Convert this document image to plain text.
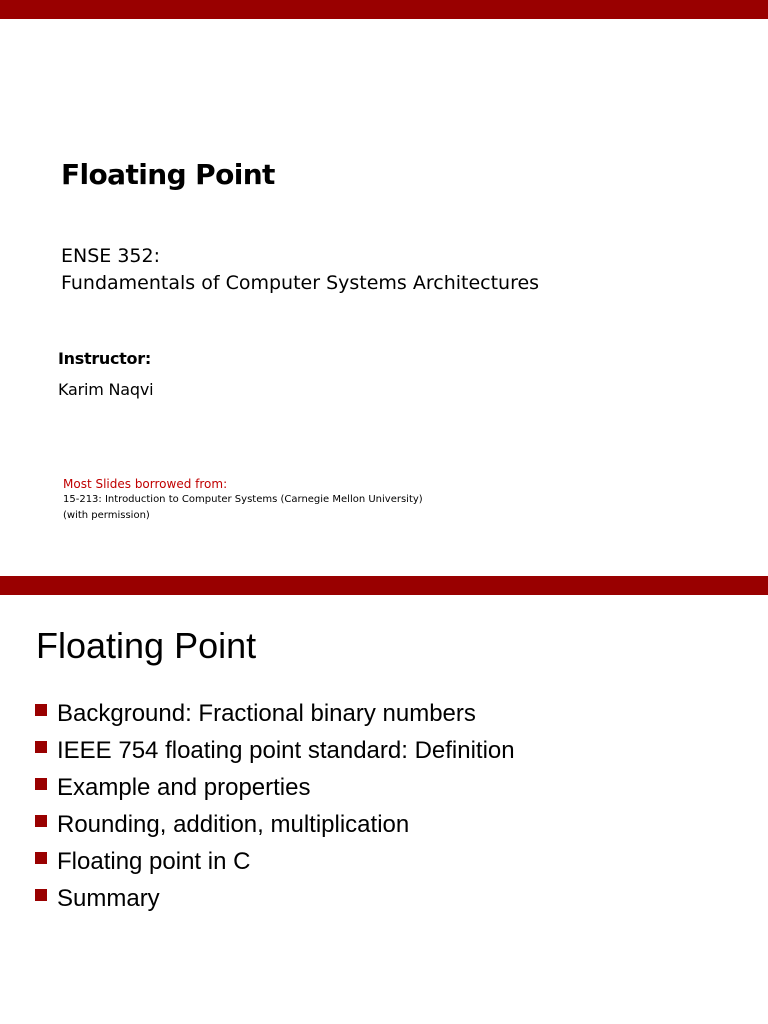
Floating Point
ENSE 352:
Fundamentals of Computer Systems Architectures
Instructor:
Karim Naqvi
Most Slides borrowed from:
15-213: Introduction to Computer Systems (Carnegie Mellon University)
(with permission)
Floating Point
Background: Fractional binary numbers
IEEE 754 floating point standard: Definition
Example and properties
Rounding, addition, multiplication
Floating point in C
Summary
